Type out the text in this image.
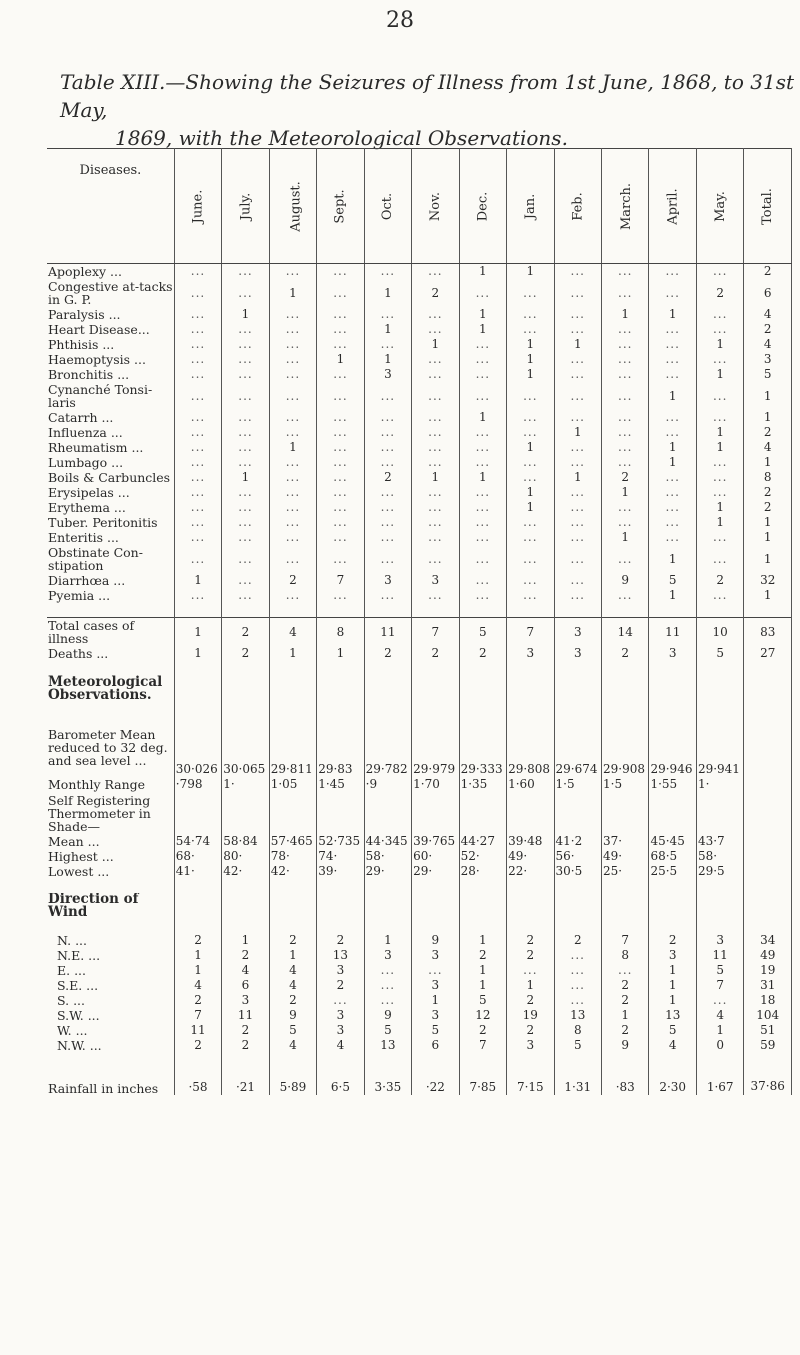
28
Table XIII.—Showing the Seizures of Illness from 1st June, 1868, to 31st May,
1869, with the Meteorological Observations.
Diseases.	June.	July.	August.	Sept.	Oct.	Nov.	Dec.	Jan.	Feb.	March.	April.	May.	Total.
Apoplexy ...	...	...	...	...	...	...	1	1	...	...	...	...	2
Congestive at-tacks in G. P.	...	...	1	...	1	2	...	...	...	...	...	2	6
Paralysis ...	...	1	...	...	...	...	1	...	...	1	1	...	4
Heart Disease...	...	...	...	...	1	...	1	...	...	...	...	...	2
Phthisis ...	...	...	...	...	...	1	...	1	1	...	...	1	4
Haemoptysis ...	...	...	...	1	1	...	...	1	...	...	...	...	3
Bronchitis ...	...	...	...	...	3	...	...	1	...	...	...	1	5
Cynanché Tonsi-laris	...	...	...	...	...	...	...	...	...	...	1	...	1
Catarrh ...	...	...	...	...	...	...	1	...	...	...	...	...	1
Influenza ...	...	...	...	...	...	...	...	...	1	...	...	1	2
Rheumatism ...	...	...	1	...	...	...	...	1	...	...	1	1	4
Lumbago ...	...	...	...	...	...	...	...	...	...	...	1	...	1
Boils & Carbuncles	...	1	...	...	2	1	1	...	1	2	...	...	8
Erysipelas ...	...	...	...	...	...	...	...	1	...	1	...	...	2
Erythema ...	...	...	...	...	...	...	...	1	...	...	...	1	2
Tuber. Peritonitis	...	...	...	...	...	...	...	...	...	...	...	1	1
Enteritis ...	...	...	...	...	...	...	...	...	...	1	...	...	1
Obstinate Con-stipation	...	...	...	...	...	...	...	...	...	...	1	...	1
Diarrhœa ...	1	...	2	7	3	3	...	...	...	9	5	2	32
Pyemia ...	...	...	...	...	...	...	...	...	...	...	1	...	1

Total cases of illness	1	2	4	8	11	7	5	7	3	14	11	10	83
Deaths ...	1	2	1	1	2	2	2	3	3	2	3	5	27

Meteorological Observations.													

Barometer Mean reduced to 32 deg. and sea level ...	30·026	30·065	29·811	29·83	29·782	29·979	29·333	29·808	29·674	29·908	29·946	29·941	
Monthly Range	·798	1·	1·05	1·45	·9	1·70	1·35	1·60	1·5	1·5	1·55	1·	
Self Registering Thermometer in Shade—													
Mean ...	54·74	58·84	57·465	52·735	44·345	39·765	44·27	39·48	41·2	37·	45·45	43·7	
Highest ...	68·	80·	78·	74·	58·	60·	52·	49·	56·	49·	68·5	58·	
Lowest ...	41·	42·	42·	39·	29·	29·	28·	22·	30·5	25·	25·5	29·5	

Direction of Wind													

N. ...	2	1	2	2	1	9	1	2	2	7	2	3	34
N.E. ...	1	2	1	13	3	3	2	2	...	8	3	11	49
E. ...	1	4	4	3	...	...	1	...	...	...	1	5	19
S.E. ...	4	6	4	2	...	3	1	1	...	2	1	7	31
S. ...	2	3	2	...	...	1	5	2	...	2	1	...	18
S.W. ...	7	11	9	3	9	3	12	19	13	1	13	4	104
W. ...	11	2	5	3	5	5	2	2	8	2	5	1	51
N.W. ...	2	2	4	4	13	6	7	3	5	9	4	0	59
Rainfall in inches	·58	·21	5·89	6·5	3·35	·22	7·85	7·15	1·31	·83	2·30	1·67	37·86
